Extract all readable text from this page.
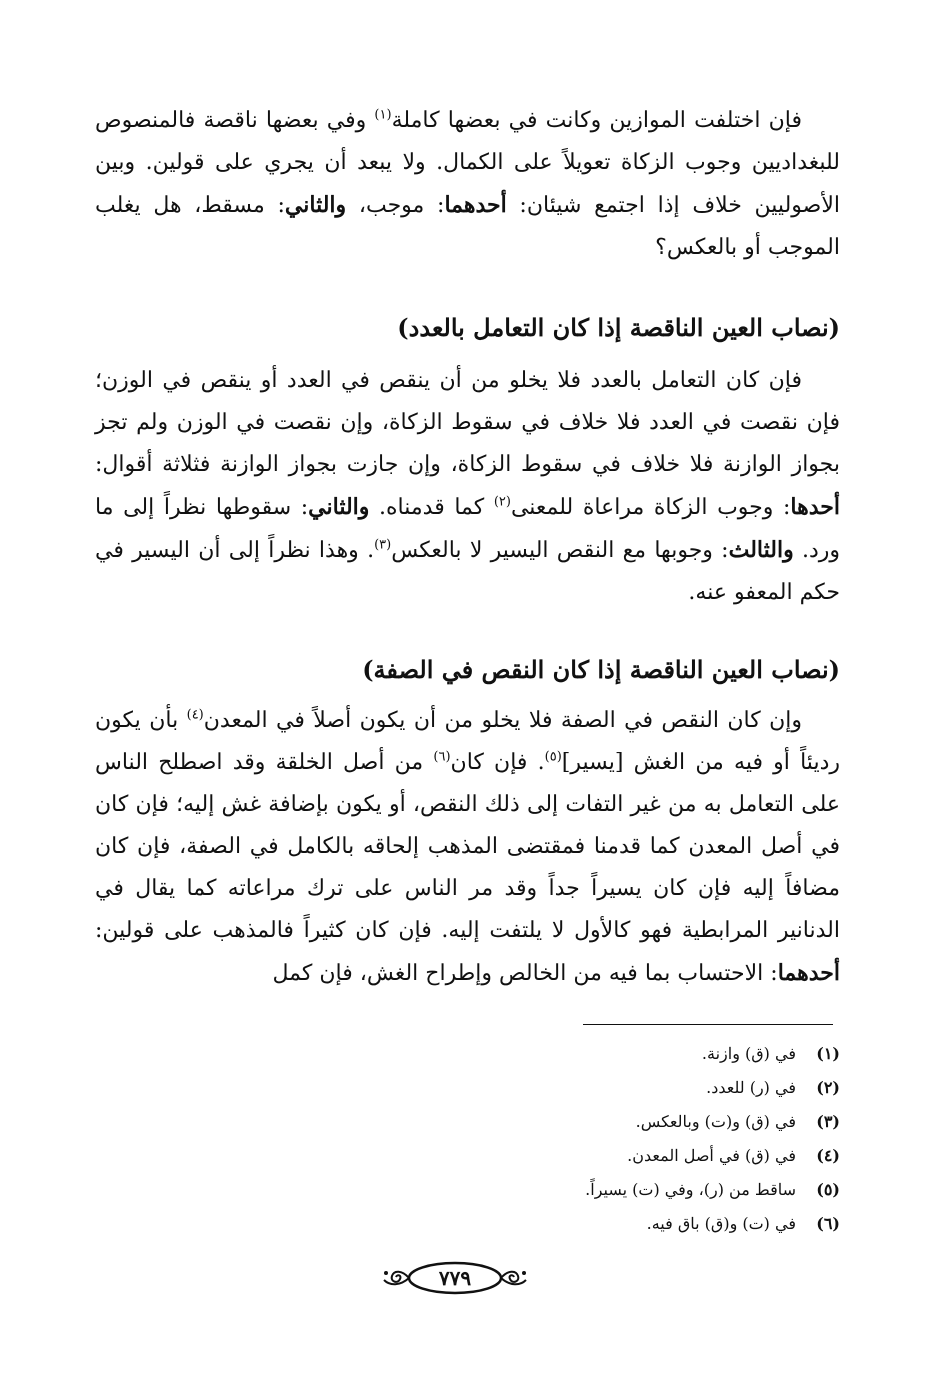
فإن اختلفت الموازين وكانت في بعضها كاملة$^{(١)}$ وفي بعضها ناقصة فالمنصوص للبغداديين وجوب الزكاة تعويلاً على الكمال. ولا يبعد أن يجري على قولين. وبين الأصوليين خلاف إذا اجتمع شيئان: أحدهما: موجب، والثاني: مسقط، هل يغلب الموجب أو بالعكس؟

(نصاب العين الناقصة إذا كان التعامل بالعدد)

فإن كان التعامل بالعدد فلا يخلو من أن ينقص في العدد أو ينقص في الوزن؛ فإن نقصت في العدد فلا خلاف في سقوط الزكاة، وإن نقصت في الوزن ولم تجز بجواز الوازنة فلا خلاف في سقوط الزكاة، وإن جازت بجواز الوازنة فثلاثة أقوال: أحدها: وجوب الزكاة مراعاة للمعنى$^{(٢)}$ كما قدمناه. والثاني: سقوطها نظراً إلى ما ورد. والثالث: وجوبها مع النقص اليسير لا بالعكس$^{(٣)}$. وهذا نظراً إلى أن اليسير في حكم المعفو عنه.

(نصاب العين الناقصة إذا كان النقص في الصفة)

وإن كان النقص في الصفة فلا يخلو من أن يكون أصلاً في المعدن$^{(٤)}$ بأن يكون رديئاً أو فيه من الغش [يسير]$^{(٥)}$. فإن كان$^{(٦)}$ من أصل الخلقة وقد اصطلح الناس على التعامل به من غير التفات إلى ذلك النقص، أو يكون بإضافة غش إليه؛ فإن كان في أصل المعدن كما قدمنا فمقتضى المذهب إلحاقه بالكامل في الصفة، فإن كان مضافاً إليه فإن كان يسيراً جداً وقد مر الناس على ترك مراعاته كما يقال في الدنانير المرابطية فهو كالأول لا يلتفت إليه. فإن كان كثيراً فالمذهب على قولين: أحدهما: الاحتساب بما فيه من الخالص وإطراح الغش، فإن كمل

(١)في (ق) وازنة.
(٢)في (ر) للعدد.
(٣)في (ق) و(ت) وبالعكس.
(٤)في (ق) في أصل المعدن.
(٥)ساقط من (ر)، وفي (ت) يسيراً.
(٦)في (ت) و(ق) باق فيه.
٧٧٩
